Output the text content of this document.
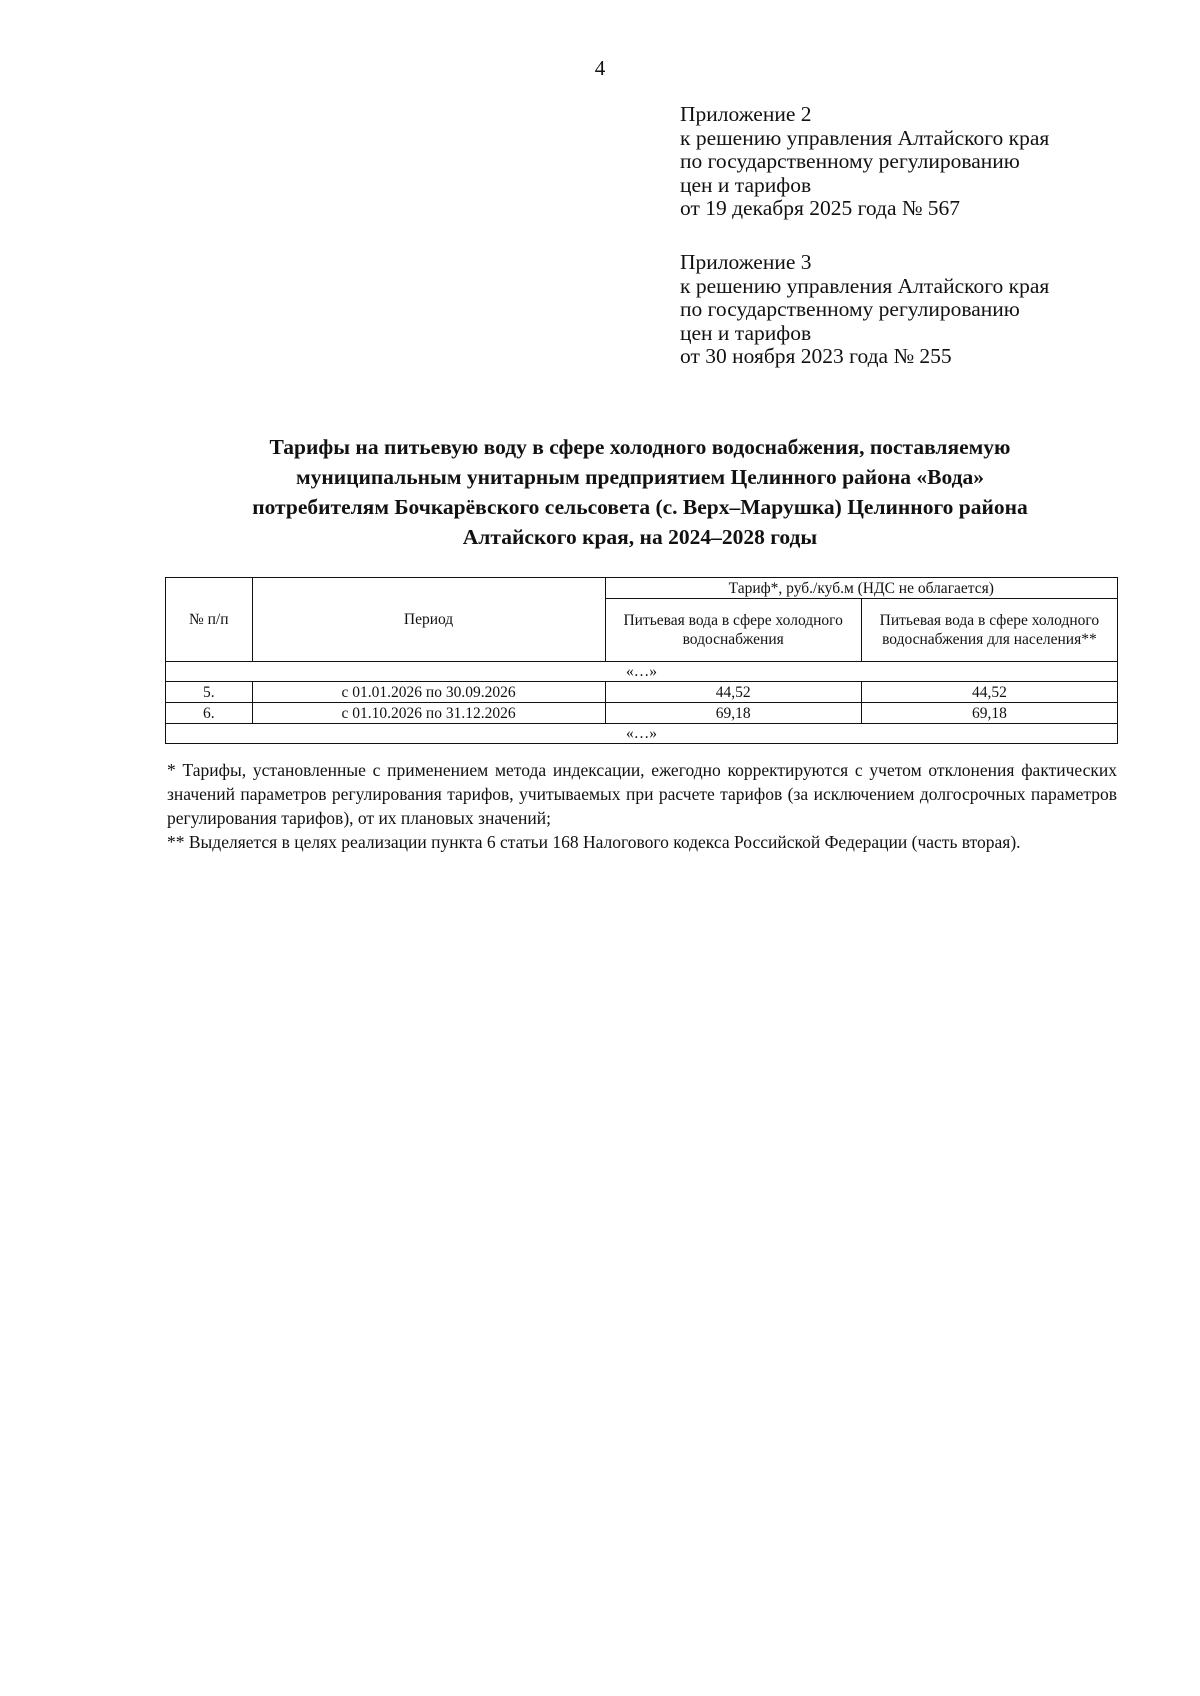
4
Приложение 2
к решению управления Алтайского края
по государственному регулированию
цен и тарифов
от 19 декабря 2025 года № 567
Приложение 3
к решению управления Алтайского края
по государственному регулированию
цен и тарифов
от 30 ноября 2023 года № 255
Тарифы на питьевую воду в сфере холодного водоснабжения, поставляемую
муниципальным унитарным предприятием Целинного района «Вода»
потребителям Бочкарёвского сельсовета (с. Верх–Марушка) Целинного района
Алтайского края, на 2024–2028 годы
№ п/п	Период	Тариф*, руб./куб.м (НДС не облагается)	
		Питьевая вода в сфере холодного водоснабжения	Питьевая вода в сфере холодного водоснабжения для населения**
«…»			
5.	с 01.01.2026 по 30.09.2026	44,52	44,52
6.	с 01.10.2026 по 31.12.2026	69,18	69,18
«…»			

* Тарифы, установленные с применением метода индексации, ежегодно корректируются с учетом отклонения фактических значений параметров регулирования тарифов, учитываемых при расчете тарифов (за исключением долгосрочных параметров регулирования тарифов), от их плановых значений;

** Выделяется в целях реализации пункта 6 статьи 168 Налогового кодекса Российской Федерации (часть вторая).
